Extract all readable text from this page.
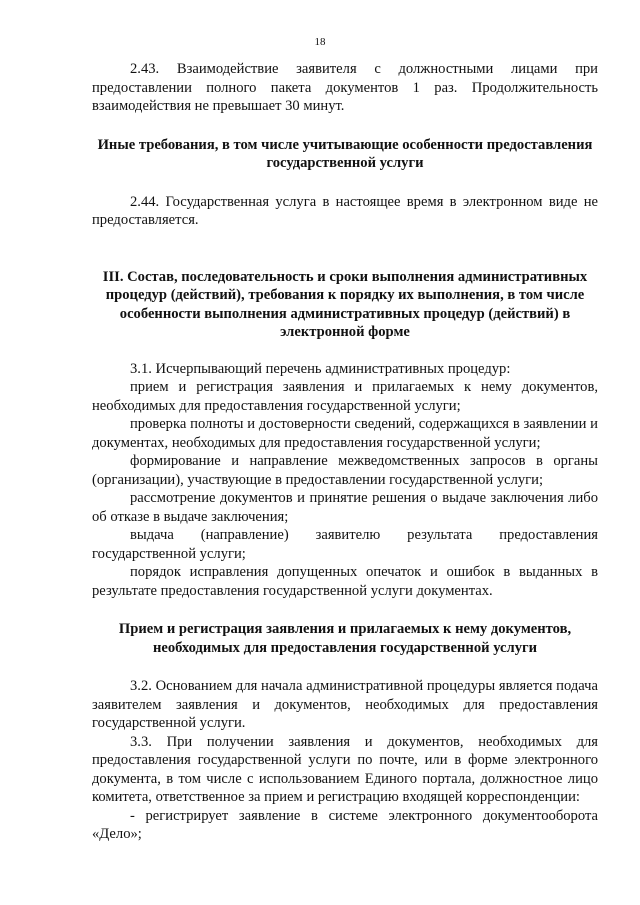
18

2.43. Взаимодействие заявителя с должностными лицами при предоставлении полного пакета документов 1 раз. Продолжительность взаимодействия не превышает 30 минут.

Иные требования, в том числе учитывающие особенности предоставления государственной услуги

2.44. Государственная услуга в настоящее время в электронном виде не предоставляется.

III. Состав, последовательность и сроки выполнения административных процедур (действий), требования к порядку их выполнения, в том числе особенности выполнения административных процедур (действий) в электронной форме

3.1. Исчерпывающий перечень административных процедур:

прием и регистрация заявления и прилагаемых к нему документов, необходимых для предоставления государственной услуги;

проверка полноты и достоверности сведений, содержащихся в заявлении и документах, необходимых для предоставления государственной услуги;

формирование и направление межведомственных запросов в органы (организации), участвующие в предоставлении государственной услуги;

рассмотрение документов и принятие решения о выдаче заключения либо об отказе в выдаче заключения;

выдача (направление) заявителю результата предоставления государственной услуги;

порядок исправления допущенных опечаток и ошибок в выданных в результате предоставления государственной услуги документах.

Прием и регистрация заявления и прилагаемых к нему документов, необходимых для предоставления государственной услуги

3.2. Основанием для начала административной процедуры является подача заявителем заявления и документов, необходимых для предоставления государственной услуги.

3.3. При получении заявления и документов, необходимых для предоставления государственной услуги по почте, или в форме электронного документа, в том числе с использованием Единого портала, должностное лицо комитета, ответственное за прием и регистрацию входящей корреспонденции:

- регистрирует заявление в системе электронного документооборота «Дело»;
